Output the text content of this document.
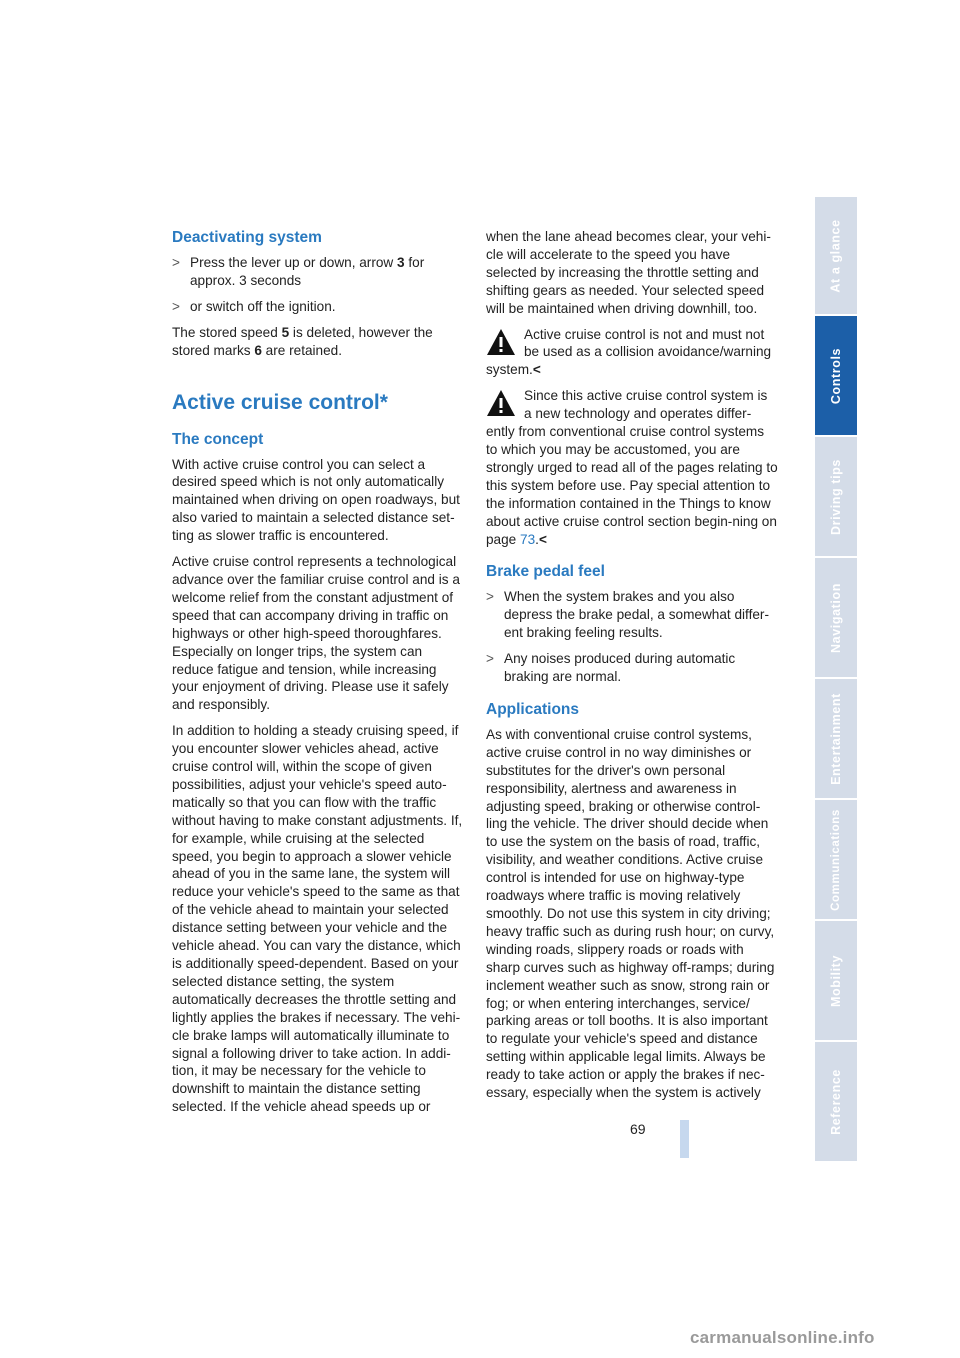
Deactivating system
> Press the lever up or down, arrow 3 for approx. 3 seconds
> or switch off the ignition.
The stored speed 5 is deleted, however the stored marks 6 are retained.
Active cruise control*
The concept
With active cruise control you can select a desired speed which is not only automatically maintained when driving on open roadways, but also varied to maintain a selected distance set-ting as slower traffic is encountered.
Active cruise control represents a technological advance over the familiar cruise control and is a welcome relief from the constant adjustment of speed that can accompany driving in traffic on highways or other high-speed thoroughfares. Especially on longer trips, the system can reduce fatigue and tension, while increasing your enjoyment of driving. Please use it safely and responsibly.
In addition to holding a steady cruising speed, if you encounter slower vehicles ahead, active cruise control will, within the scope of given possibilities, adjust your vehicle's speed auto-matically so that you can flow with the traffic without having to make constant adjustments. If, for example, while cruising at the selected speed, you begin to approach a slower vehicle ahead of you in the same lane, the system will reduce your vehicle's speed to the same as that of the vehicle ahead to maintain your selected distance setting between your vehicle and the vehicle ahead. You can vary the distance, which is additionally speed-dependent. Based on your selected distance setting, the system automatically decreases the throttle setting and lightly applies the brakes if necessary. The vehi-cle brake lamps will automatically illuminate to signal a following driver to take action. In addi-tion, it may be necessary for the vehicle to downshift to maintain the distance setting selected. If the vehicle ahead speeds up or
when the lane ahead becomes clear, your vehi-cle will accelerate to the speed you have selected by increasing the throttle setting and shifting gears as needed. Your selected speed will be maintained when driving downhill, too.
Active cruise control is not and must not be used as a collision avoidance/warning system.<
Since this active cruise control system is a new technology and operates differ-ently from conventional cruise control systems to which you may be accustomed, you are strongly urged to read all of the pages relating to this system before use. Pay special attention to the information contained in the Things to know about active cruise control section begin-ning on page 73.<
Brake pedal feel
> When the system brakes and you also depress the brake pedal, a somewhat differ-ent braking feeling results.
> Any noises produced during automatic braking are normal.
Applications
As with conventional cruise control systems, active cruise control in no way diminishes or substitutes for the driver's own personal responsibility, alertness and awareness in adjusting speed, braking or otherwise control-ling the vehicle. The driver should decide when to use the system on the basis of road, traffic, visibility, and weather conditions. Active cruise control is intended for use on highway-type roadways where traffic is moving relatively smoothly. Do not use this system in city driving; heavy traffic such as during rush hour; on curvy, winding roads, slippery roads or roads with sharp curves such as highway off-ramps; during inclement weather such as snow, strong rain or fog; or when entering interchanges, service/ parking areas or toll booths. It is also important to regulate your vehicle's speed and distance setting within applicable legal limits. Always be ready to take action or apply the brakes if nec-essary, especially when the system is actively
At a glance
Controls
Driving tips
Navigation
Entertainment
Communications
Mobility
Reference
69
carmanualsonline.info
